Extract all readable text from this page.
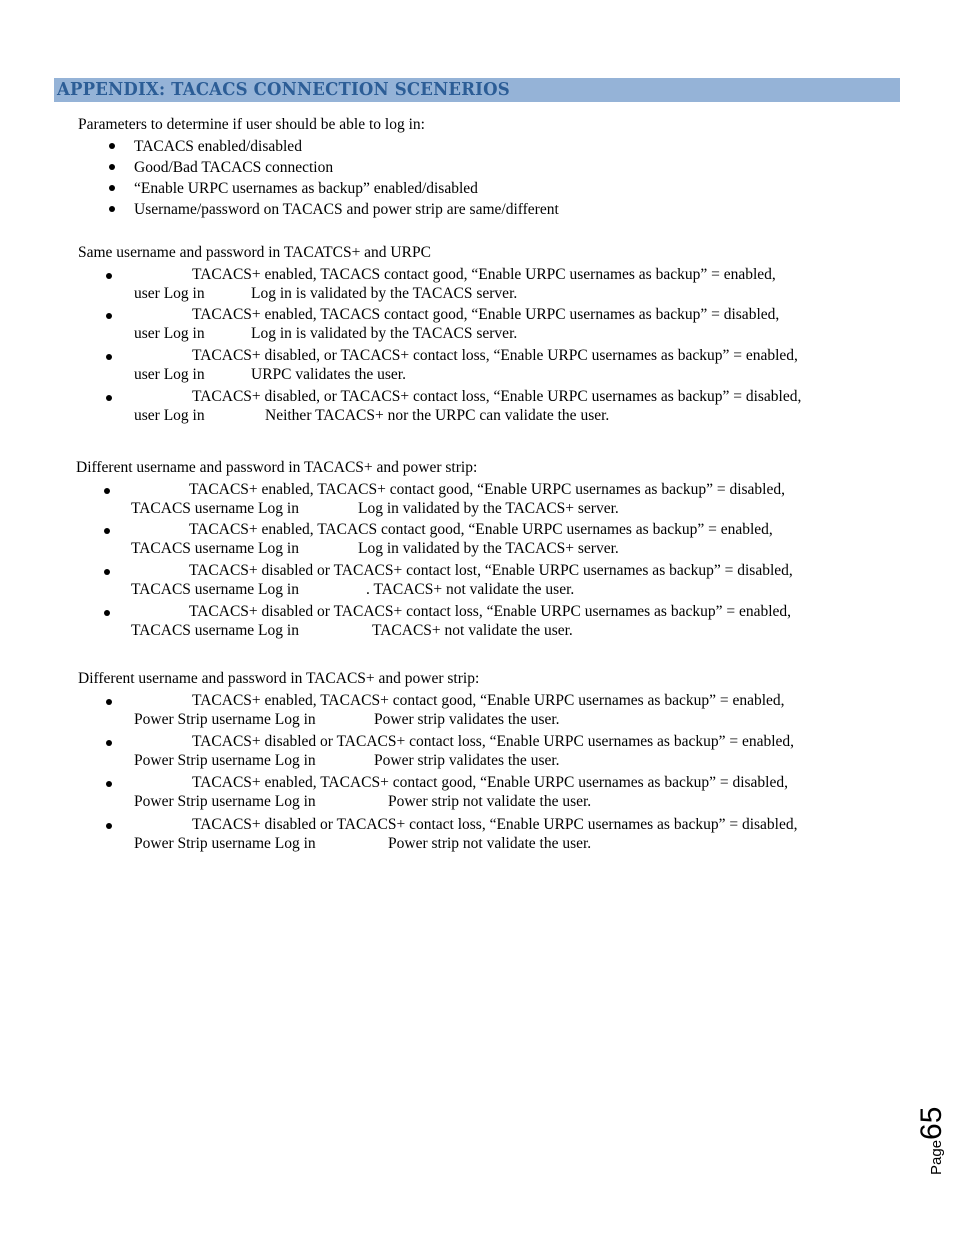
APPENDIX: TACACS CONNECTION SCENERIOS
Parameters to determine if user should be able to log in:
TACACS enabled/disabled
Good/Bad TACACS connection
“Enable URPC usernames as backup” enabled/disabled
Username/password on TACACS and power strip are same/different
Same username and password in TACATCS+ and URPC
TACACS+ enabled, TACACS contact good, “Enable URPC usernames as backup” = enabled,
user Log in	Log in is validated by the TACACS server.
TACACS+ enabled, TACACS contact good, “Enable URPC usernames as backup” = disabled,
user Log in	Log in is validated by the TACACS server.
TACACS+ disabled, or TACACS+ contact loss, “Enable URPC usernames as backup” = enabled,
user Log in	URPC validates the user.
TACACS+ disabled, or TACACS+ contact loss, “Enable URPC usernames as backup” = disabled,
user Log in	Neither TACACS+ nor the URPC can validate the user.
Different username and password in TACACS+ and power strip:
TACACS+ enabled, TACACS+ contact good, “Enable URPC usernames as backup” = disabled,
TACACS username Log in	Log in validated by the TACACS+ server.
TACACS+ enabled, TACACS contact good, “Enable URPC usernames as backup” = enabled,
TACACS username Log in	Log in validated by the TACACS+ server.
TACACS+ disabled or TACACS+ contact lost, “Enable URPC usernames as backup” = disabled,
TACACS username Log in	. TACACS+ not validate the user.
TACACS+ disabled or TACACS+ contact loss, “Enable URPC usernames as backup” = enabled,
TACACS username Log in	TACACS+ not validate the user.
Different username and password in TACACS+ and power strip:
TACACS+ enabled, TACACS+ contact good, “Enable URPC usernames as backup” = enabled,
Power Strip username Log in	Power strip validates the user.
TACACS+ disabled or TACACS+ contact loss, “Enable URPC usernames as backup” = enabled,
Power Strip username Log in	Power strip validates the user.
TACACS+ enabled, TACACS+ contact good, “Enable URPC usernames as backup” = disabled,
Power Strip username Log in	Power strip not validate the user.
TACACS+ disabled or TACACS+ contact loss, “Enable URPC usernames as backup” = disabled,
Power Strip username Log in	Power strip not validate the user.
Page65
